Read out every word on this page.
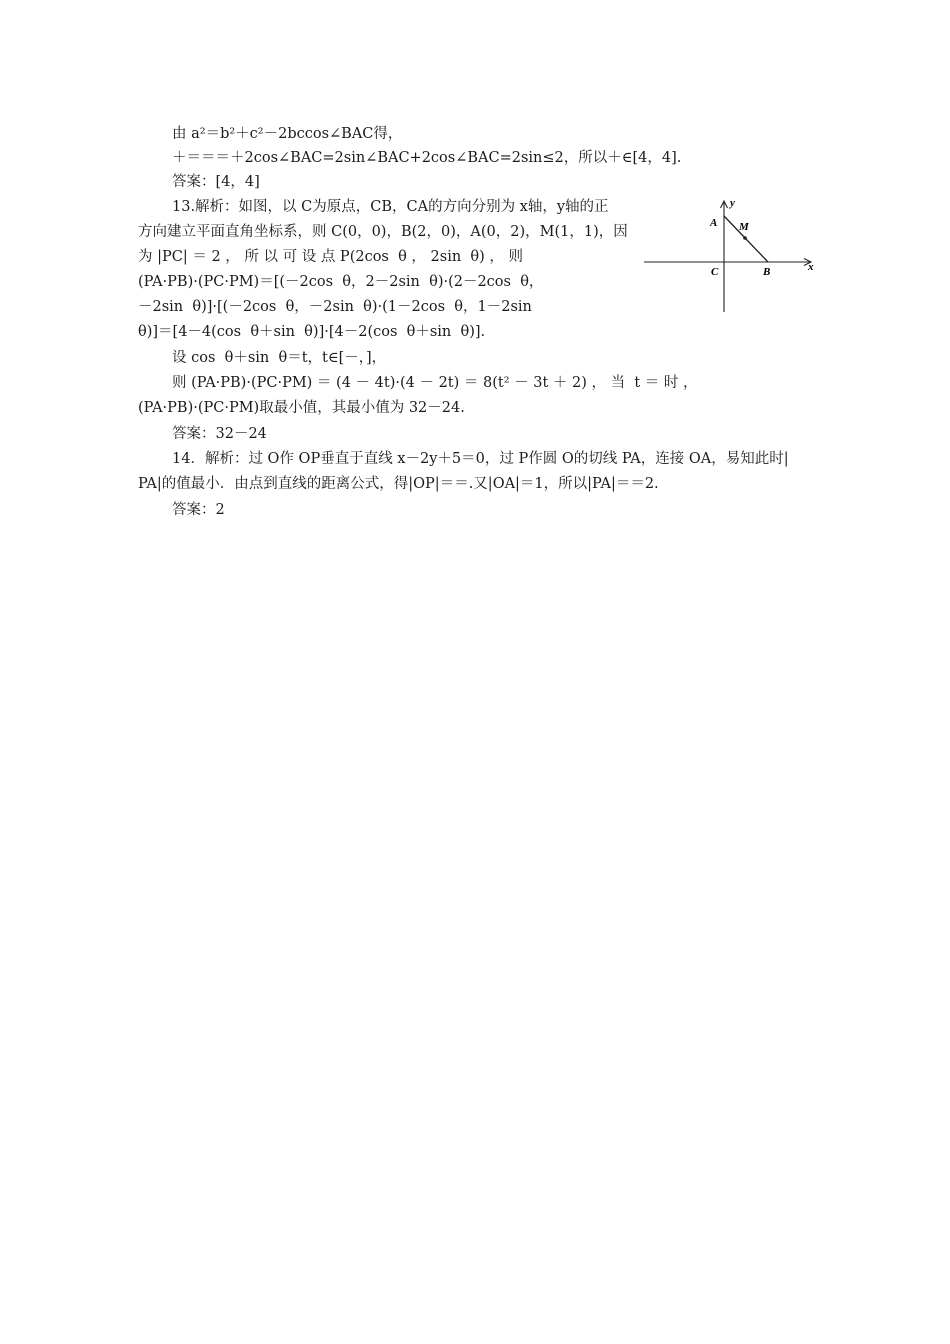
由 a²＝b²＋c²－2bccos∠BAC得，
＋＝＝＝＋2cos∠BAC=2sin∠BAC+2cos∠BAC=2sin≤2，所以＋∈[4，4].
答案：[4，4]
13.解析：如图，以 C为原点，CB，CA的方向分别为 x轴，y轴的正
方向建立平面直角坐标系，则 C(0，0)，B(2，0)，A(0，2)，M(1，1)，因
为 |PC| ＝ 2 ， 所 以 可 设 点 P(2cos  θ ， 2sin  θ) ， 则
(PA·PB)·(PC·PM)＝[(－2cos  θ，2－2sin  θ)·(2－2cos  θ，
－2sin  θ)]·[(－2cos  θ，－2sin  θ)·(1－2cos  θ，1－2sin
θ)]＝[4－4(cos  θ＋sin  θ)]·[4－2(cos  θ＋sin  θ)].
设 cos  θ＋sin  θ＝t，t∈[－，]，
则 (PA·PB)·(PC·PM) ＝ (4 － 4t)·(4 － 2t) ＝ 8(t² － 3t ＋ 2) ， 当  t ＝ 时 ，
(PA·PB)·(PC·PM)取最小值，其最小值为 32－24.
答案：32－24
14．解析：过 O作 OP垂直于直线 x－2y＋5＝0，过 P作圆 O的切线 PA，连接 OA，易知此时|
PA|的值最小．由点到直线的距离公式，得|OP|＝＝.又|OA|＝1，所以|PA|＝＝2.
答案：2
y
x
A M
C	B
